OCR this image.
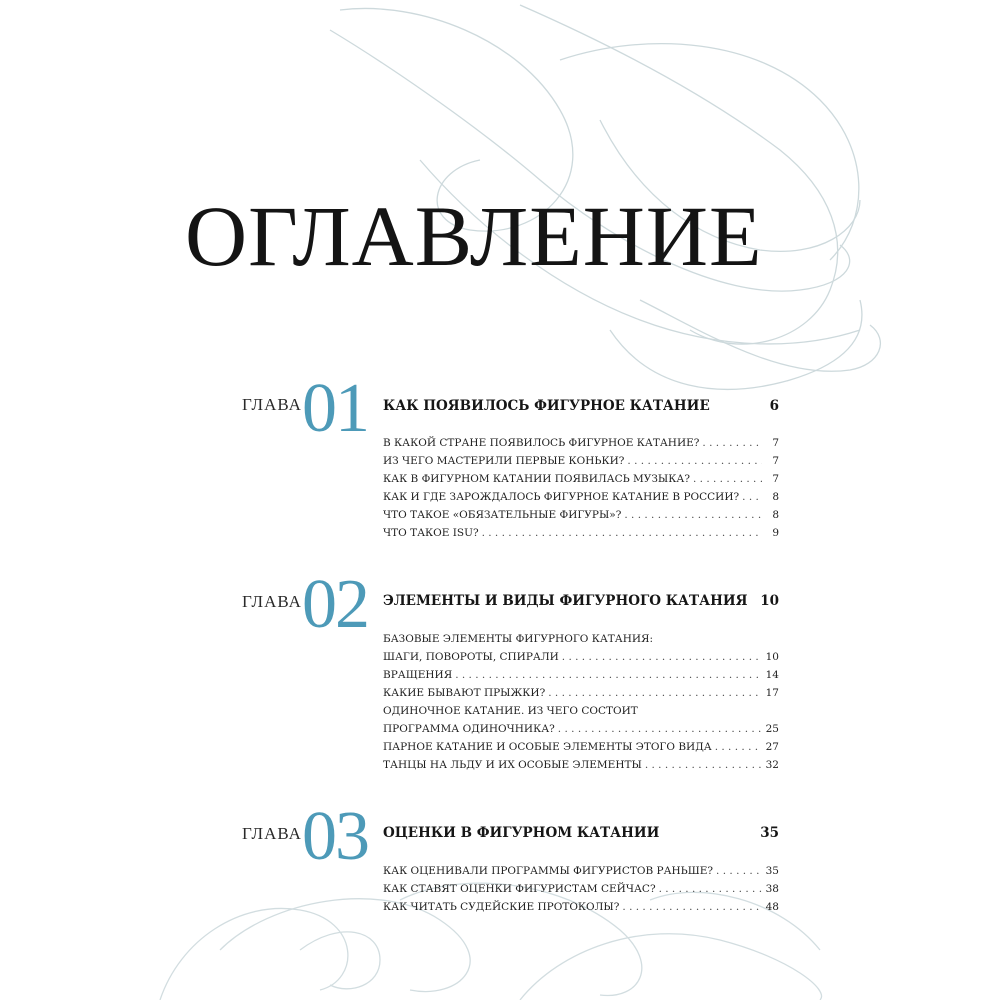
ОГЛАВЛЕНИЕ
ГЛАВА 01 КАК ПОЯВИЛОСЬ ФИГУРНОЕ КАТАНИЕ	6
В КАКОЙ СТРАНЕ ПОЯВИЛОСЬ ФИГУРНОЕ КАТАНИЕ? . . .	7
ИЗ ЧЕГО МАСТЕРИЛИ ПЕРВЫЕ КОНЬКИ? . . .	7
КАК В ФИГУРНОМ КАТАНИИ ПОЯВИЛАСЬ МУЗЫКА? . . .	7
КАК И ГДЕ ЗАРОЖДАЛОСЬ ФИГУРНОЕ КАТАНИЕ В РОССИИ? . . .	8
ЧТО ТАКОЕ «ОБЯЗАТЕЛЬНЫЕ ФИГУРЫ»? . . .	8
ЧТО ТАКОЕ ISU? . . .	9
ГЛАВА 02 ЭЛЕМЕНТЫ И ВИДЫ ФИГУРНОГО КАТАНИЯ 10
БАЗОВЫЕ ЭЛЕМЕНТЫ ФИГУРНОГО КАТАНИЯ:
ШАГИ, ПОВОРОТЫ, СПИРАЛИ . . .	10
ВРАЩЕНИЯ . . .	14
КАКИЕ БЫВАЮТ ПРЫЖКИ? . . .	17
ОДИНОЧНОЕ КАТАНИЕ. ИЗ ЧЕГО СОСТОИТ
ПРОГРАММА ОДИНОЧНИКА? . . .	25
ПАРНОЕ КАТАНИЕ И ОСОБЫЕ ЭЛЕМЕНТЫ ЭТОГО ВИДА . . .	27
ТАНЦЫ НА ЛЬДУ И ИХ ОСОБЫЕ ЭЛЕМЕНТЫ . . .	32
ГЛАВА 03 ОЦЕНКИ В ФИГУРНОМ КАТАНИИ	35
КАК ОЦЕНИВАЛИ ПРОГРАММЫ ФИГУРИСТОВ РАНЬШЕ? . . .	35
КАК СТАВЯТ ОЦЕНКИ ФИГУРИСТАМ СЕЙЧАС? . . .	38
КАК ЧИТАТЬ СУДЕЙСКИЕ ПРОТОКОЛЫ? . . .	48
